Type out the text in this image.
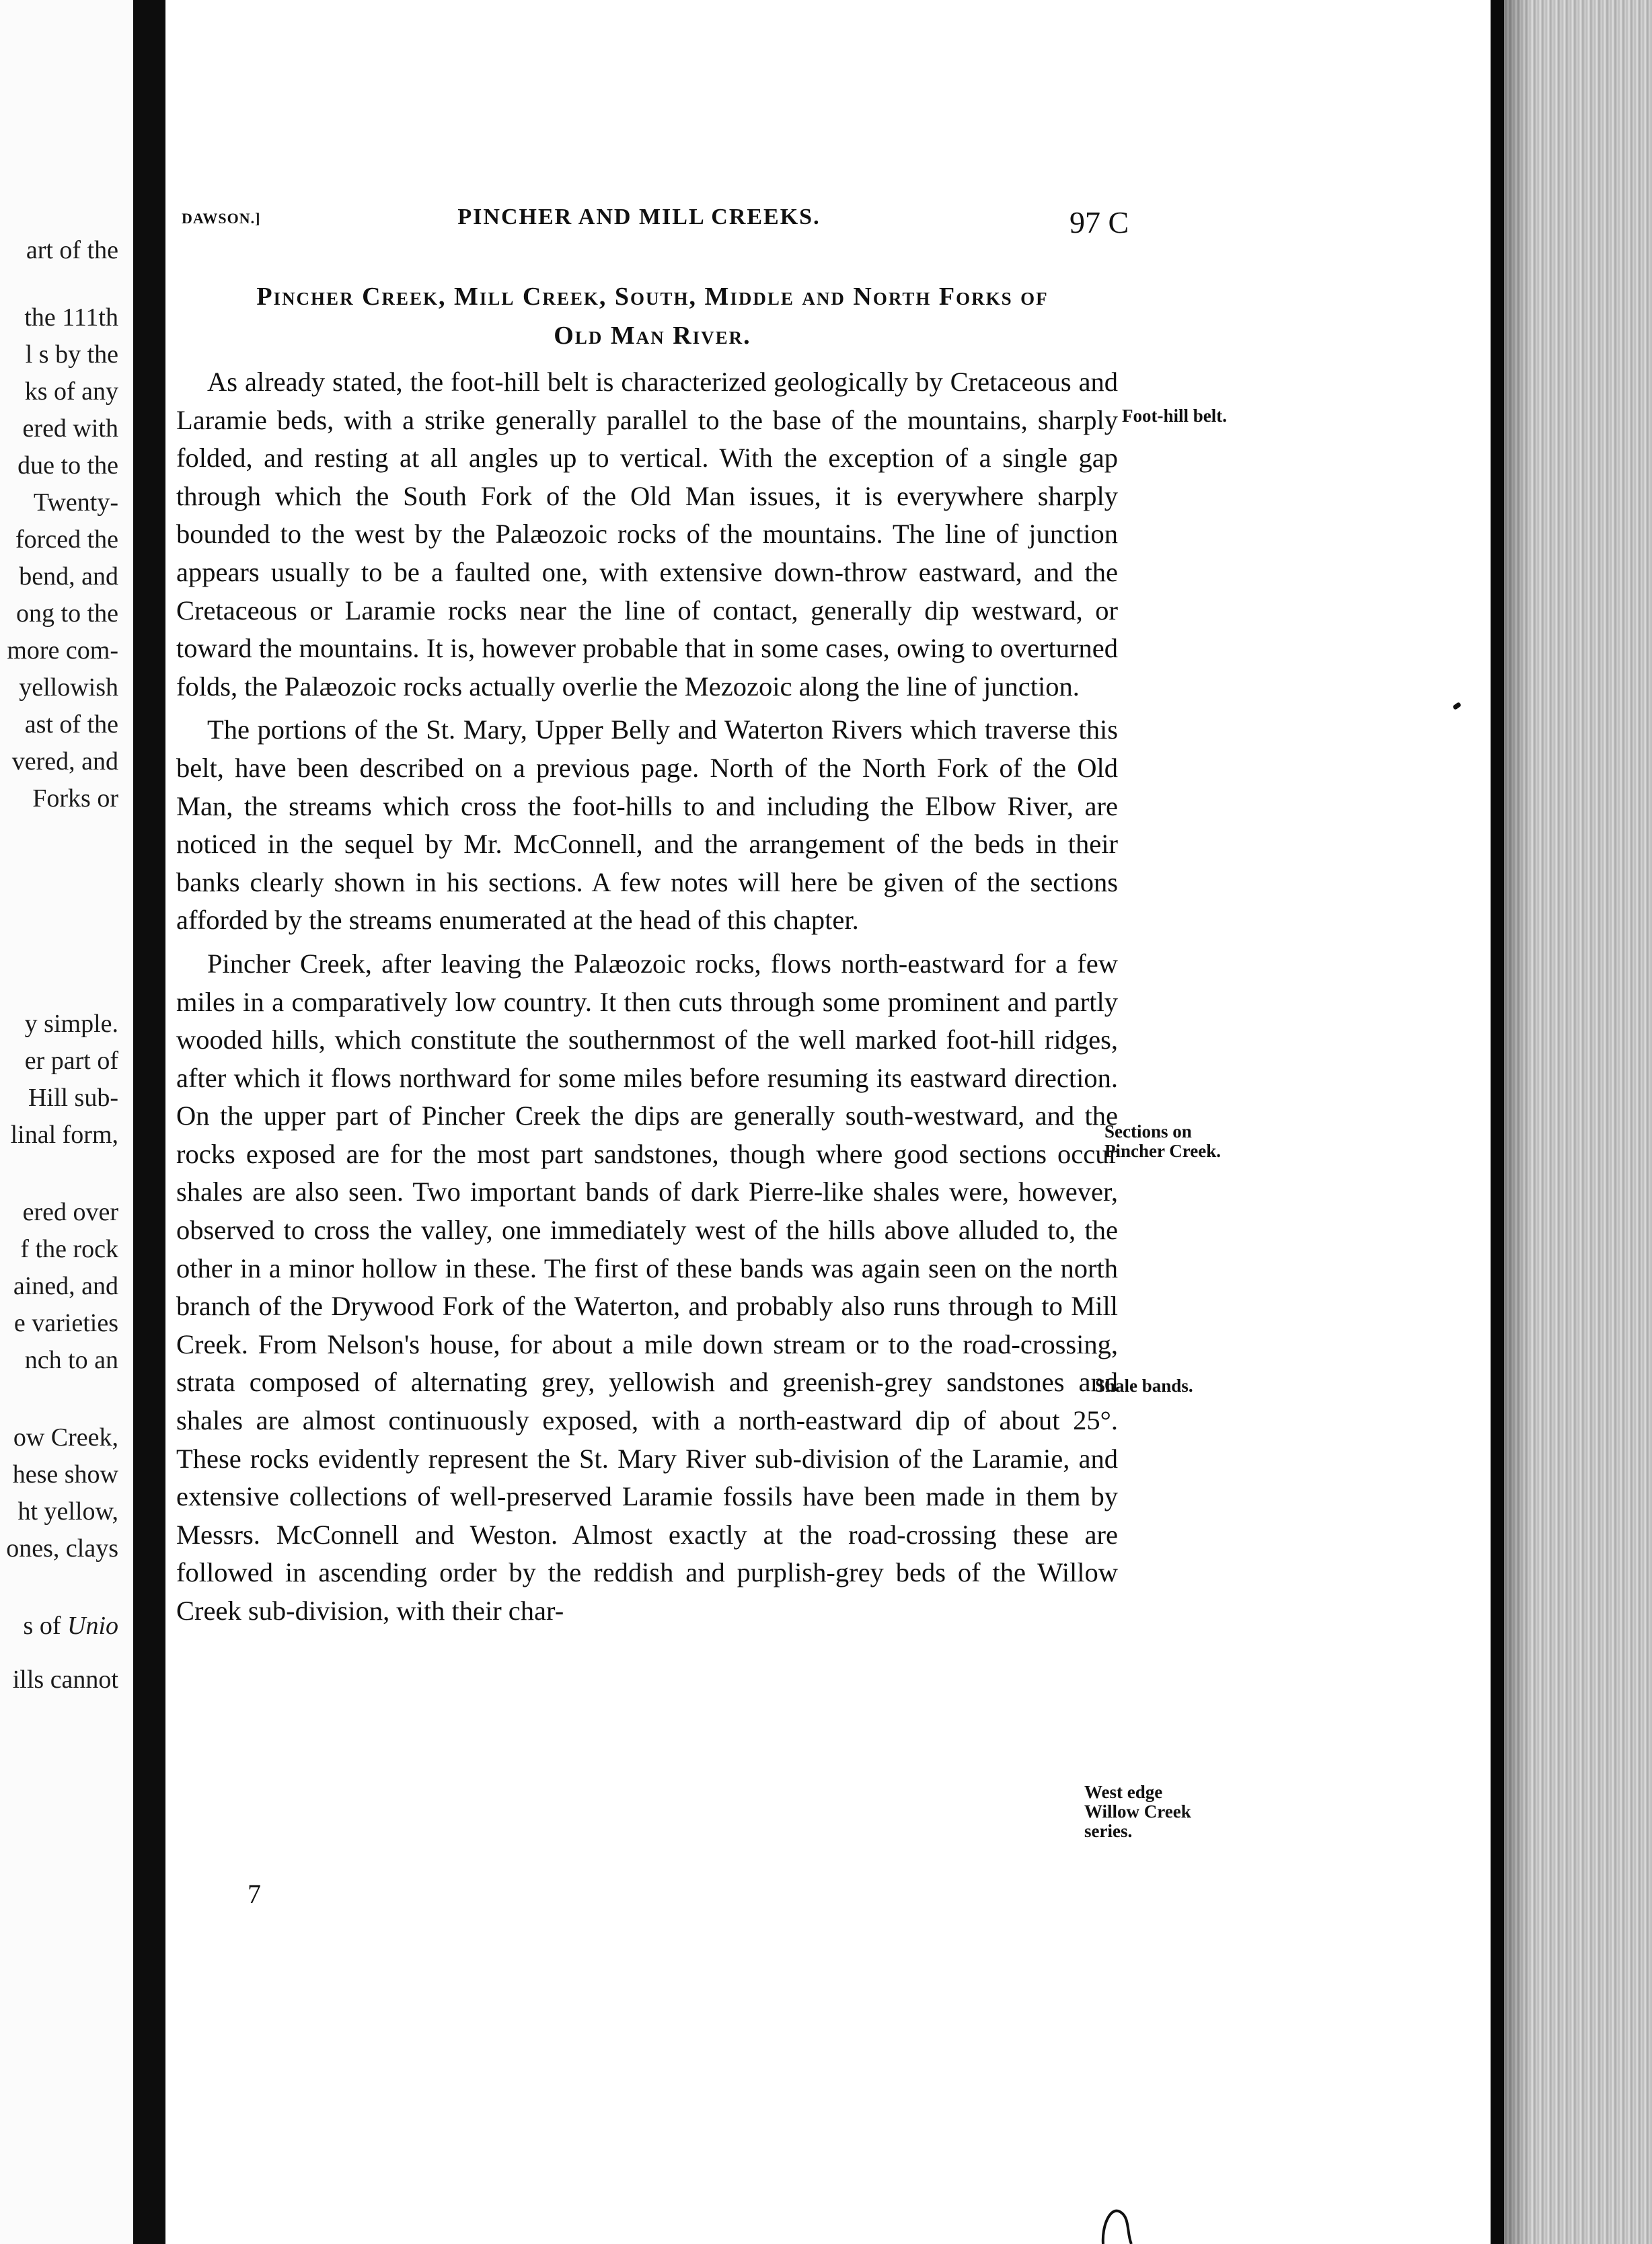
art of the
the 111th
l s by the
ks of any
ered with
due to the
Twenty-
forced the
bend, and
ong to the
more com-
yellowish
ast of the
vered, and
Forks or
y simple.
er part of
Hill sub-
linal form,
ered over
f the rock
ained, and
e varieties
nch to an
ow Creek,
hese show
ht yellow,
ones, clays
s of Unio
ills cannot
DAWSON.]	PINCHER AND MILL CREEKS.	97 C
Pincher Creek, Mill Creek, South, Middle and North Forks of
Old Man River.

As already stated, the foot-hill belt is characterized geologically by Cretaceous and Laramie beds, with a strike generally parallel to the base of the mountains, sharply folded, and resting at all angles up to vertical. With the exception of a single gap through which the South Fork of the Old Man issues, it is everywhere sharply bounded to the west by the Palæozoic rocks of the mountains. The line of junction appears usually to be a faulted one, with extensive down-throw eastward, and the Cretaceous or Laramie rocks near the line of contact, generally dip westward, or toward the mountains. It is, however probable that in some cases, owing to overturned folds, the Palæozoic rocks actually overlie the Mezozoic along the line of junction.

The portions of the St. Mary, Upper Belly and Waterton Rivers which traverse this belt, have been described on a previous page. North of the North Fork of the Old Man, the streams which cross the foot-hills to and including the Elbow River, are noticed in the sequel by Mr. McConnell, and the arrangement of the beds in their banks clearly shown in his sections. A few notes will here be given of the sections afforded by the streams enumerated at the head of this chapter.

Pincher Creek, after leaving the Palæozoic rocks, flows north-eastward for a few miles in a comparatively low country. It then cuts through some prominent and partly wooded hills, which constitute the southernmost of the well marked foot-hill ridges, after which it flows northward for some miles before resuming its eastward direction. On the upper part of Pincher Creek the dips are generally south-westward, and the rocks exposed are for the most part sandstones, though where good sections occur shales are also seen. Two important bands of dark Pierre-like shales were, however, observed to cross the valley, one immediately west of the hills above alluded to, the other in a minor hollow in these. The first of these bands was again seen on the north branch of the Drywood Fork of the Waterton, and probably also runs through to Mill Creek. From Nelson's house, for about a mile down stream or to the road-crossing, strata composed of alternating grey, yellowish and greenish-grey sandstones and shales are almost continuously exposed, with a north-eastward dip of about 25°. These rocks evidently represent the St. Mary River sub-division of the Laramie, and extensive collections of well-preserved Laramie fossils have been made in them by Messrs. McConnell and Weston. Almost exactly at the road-crossing these are followed in ascending order by the reddish and purplish-grey beds of the Willow Creek sub-division, with their char-

Foot-hill belt.
Sections on
Pincher Creek.
Shale bands.
West edge
Willow Creek
series.
7
